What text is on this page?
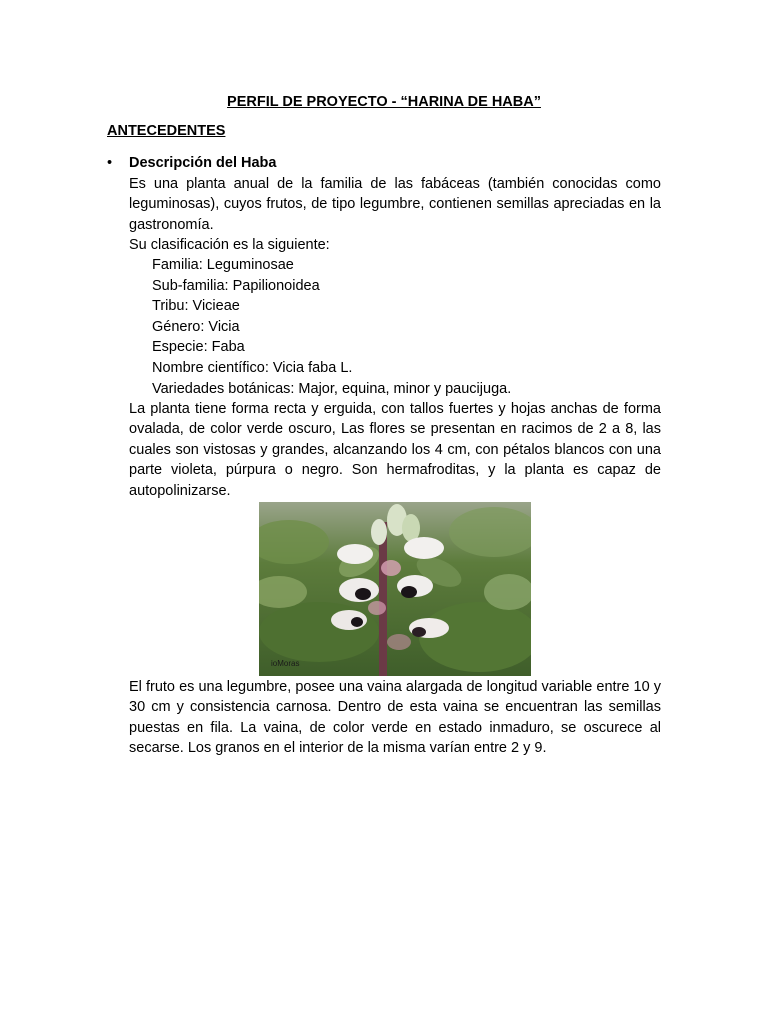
PERFIL DE PROYECTO - “HARINA DE HABA”
ANTECEDENTES
• Descripción del Haba
Es una planta anual de la familia de las fabáceas (también conocidas como leguminosas), cuyos frutos, de tipo legumbre, contienen semillas apreciadas en la gastronomía.
Su clasificación es la siguiente:
Familia: Leguminosae
Sub-familia: Papilionoidea
Tribu: Vicieae
Género: Vicia
Especie: Faba
Nombre científico: Vicia faba L.
Variedades botánicas: Major, equina, minor y paucijuga.
La planta tiene forma recta y erguida, con tallos fuertes y hojas anchas de forma ovalada, de color verde oscuro, Las flores se presentan en racimos de 2 a 8, las cuales son vistosas y grandes, alcanzando los 4 cm, con pétalos blancos con una parte violeta, púrpura o negro. Son hermafroditas, y la planta es capaz de autopolinizarse.
ioMoras
El fruto es una legumbre, posee una vaina alargada de longitud variable entre 10 y 30 cm y consistencia carnosa. Dentro de esta vaina se encuentran las semillas puestas en fila. La vaina, de color verde en estado inmaduro, se oscurece al secarse. Los granos en el interior de la misma varían entre 2 y 9.
